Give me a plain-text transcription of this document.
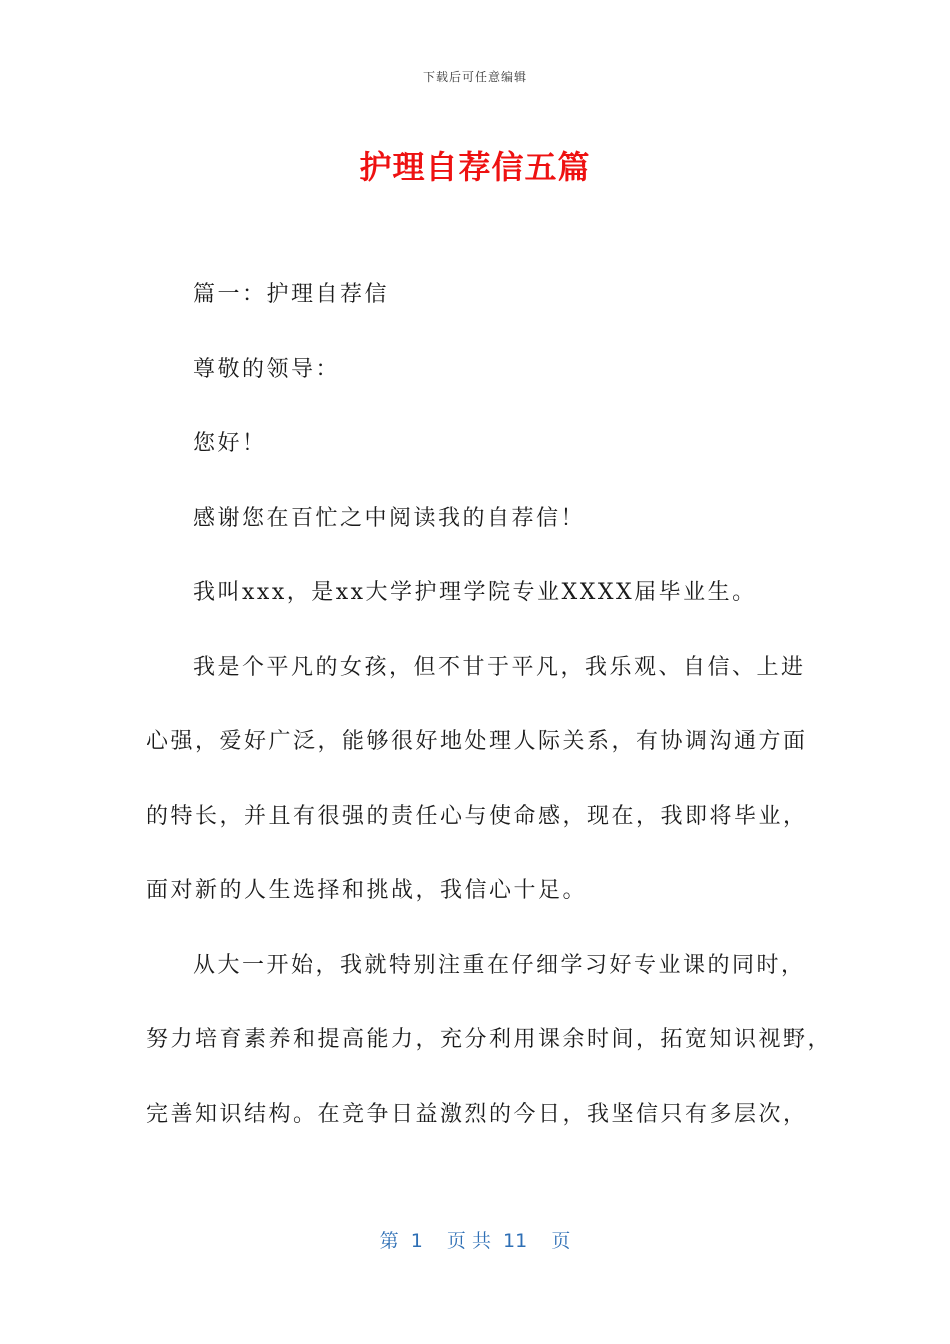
下载后可任意编辑
护理自荐信五篇
篇一：护理自荐信
尊敬的领导：
您好！
感谢您在百忙之中阅读我的自荐信！
我叫xxx，是xx大学护理学院专业XXXX届毕业生。
我是个平凡的女孩，但不甘于平凡，我乐观、自信、上进
心强，爱好广泛，能够很好地处理人际关系，有协调沟通方面
的特长，并且有很强的责任心与使命感，现在，我即将毕业，
面对新的人生选择和挑战，我信心十足。
从大一开始，我就特别注重在仔细学习好专业课的同时，
努力培育素养和提高能力，充分利用课余时间，拓宽知识视野，
完善知识结构。在竞争日益激烈的今日，我坚信只有多层次，
第  1    页 共  11    页
